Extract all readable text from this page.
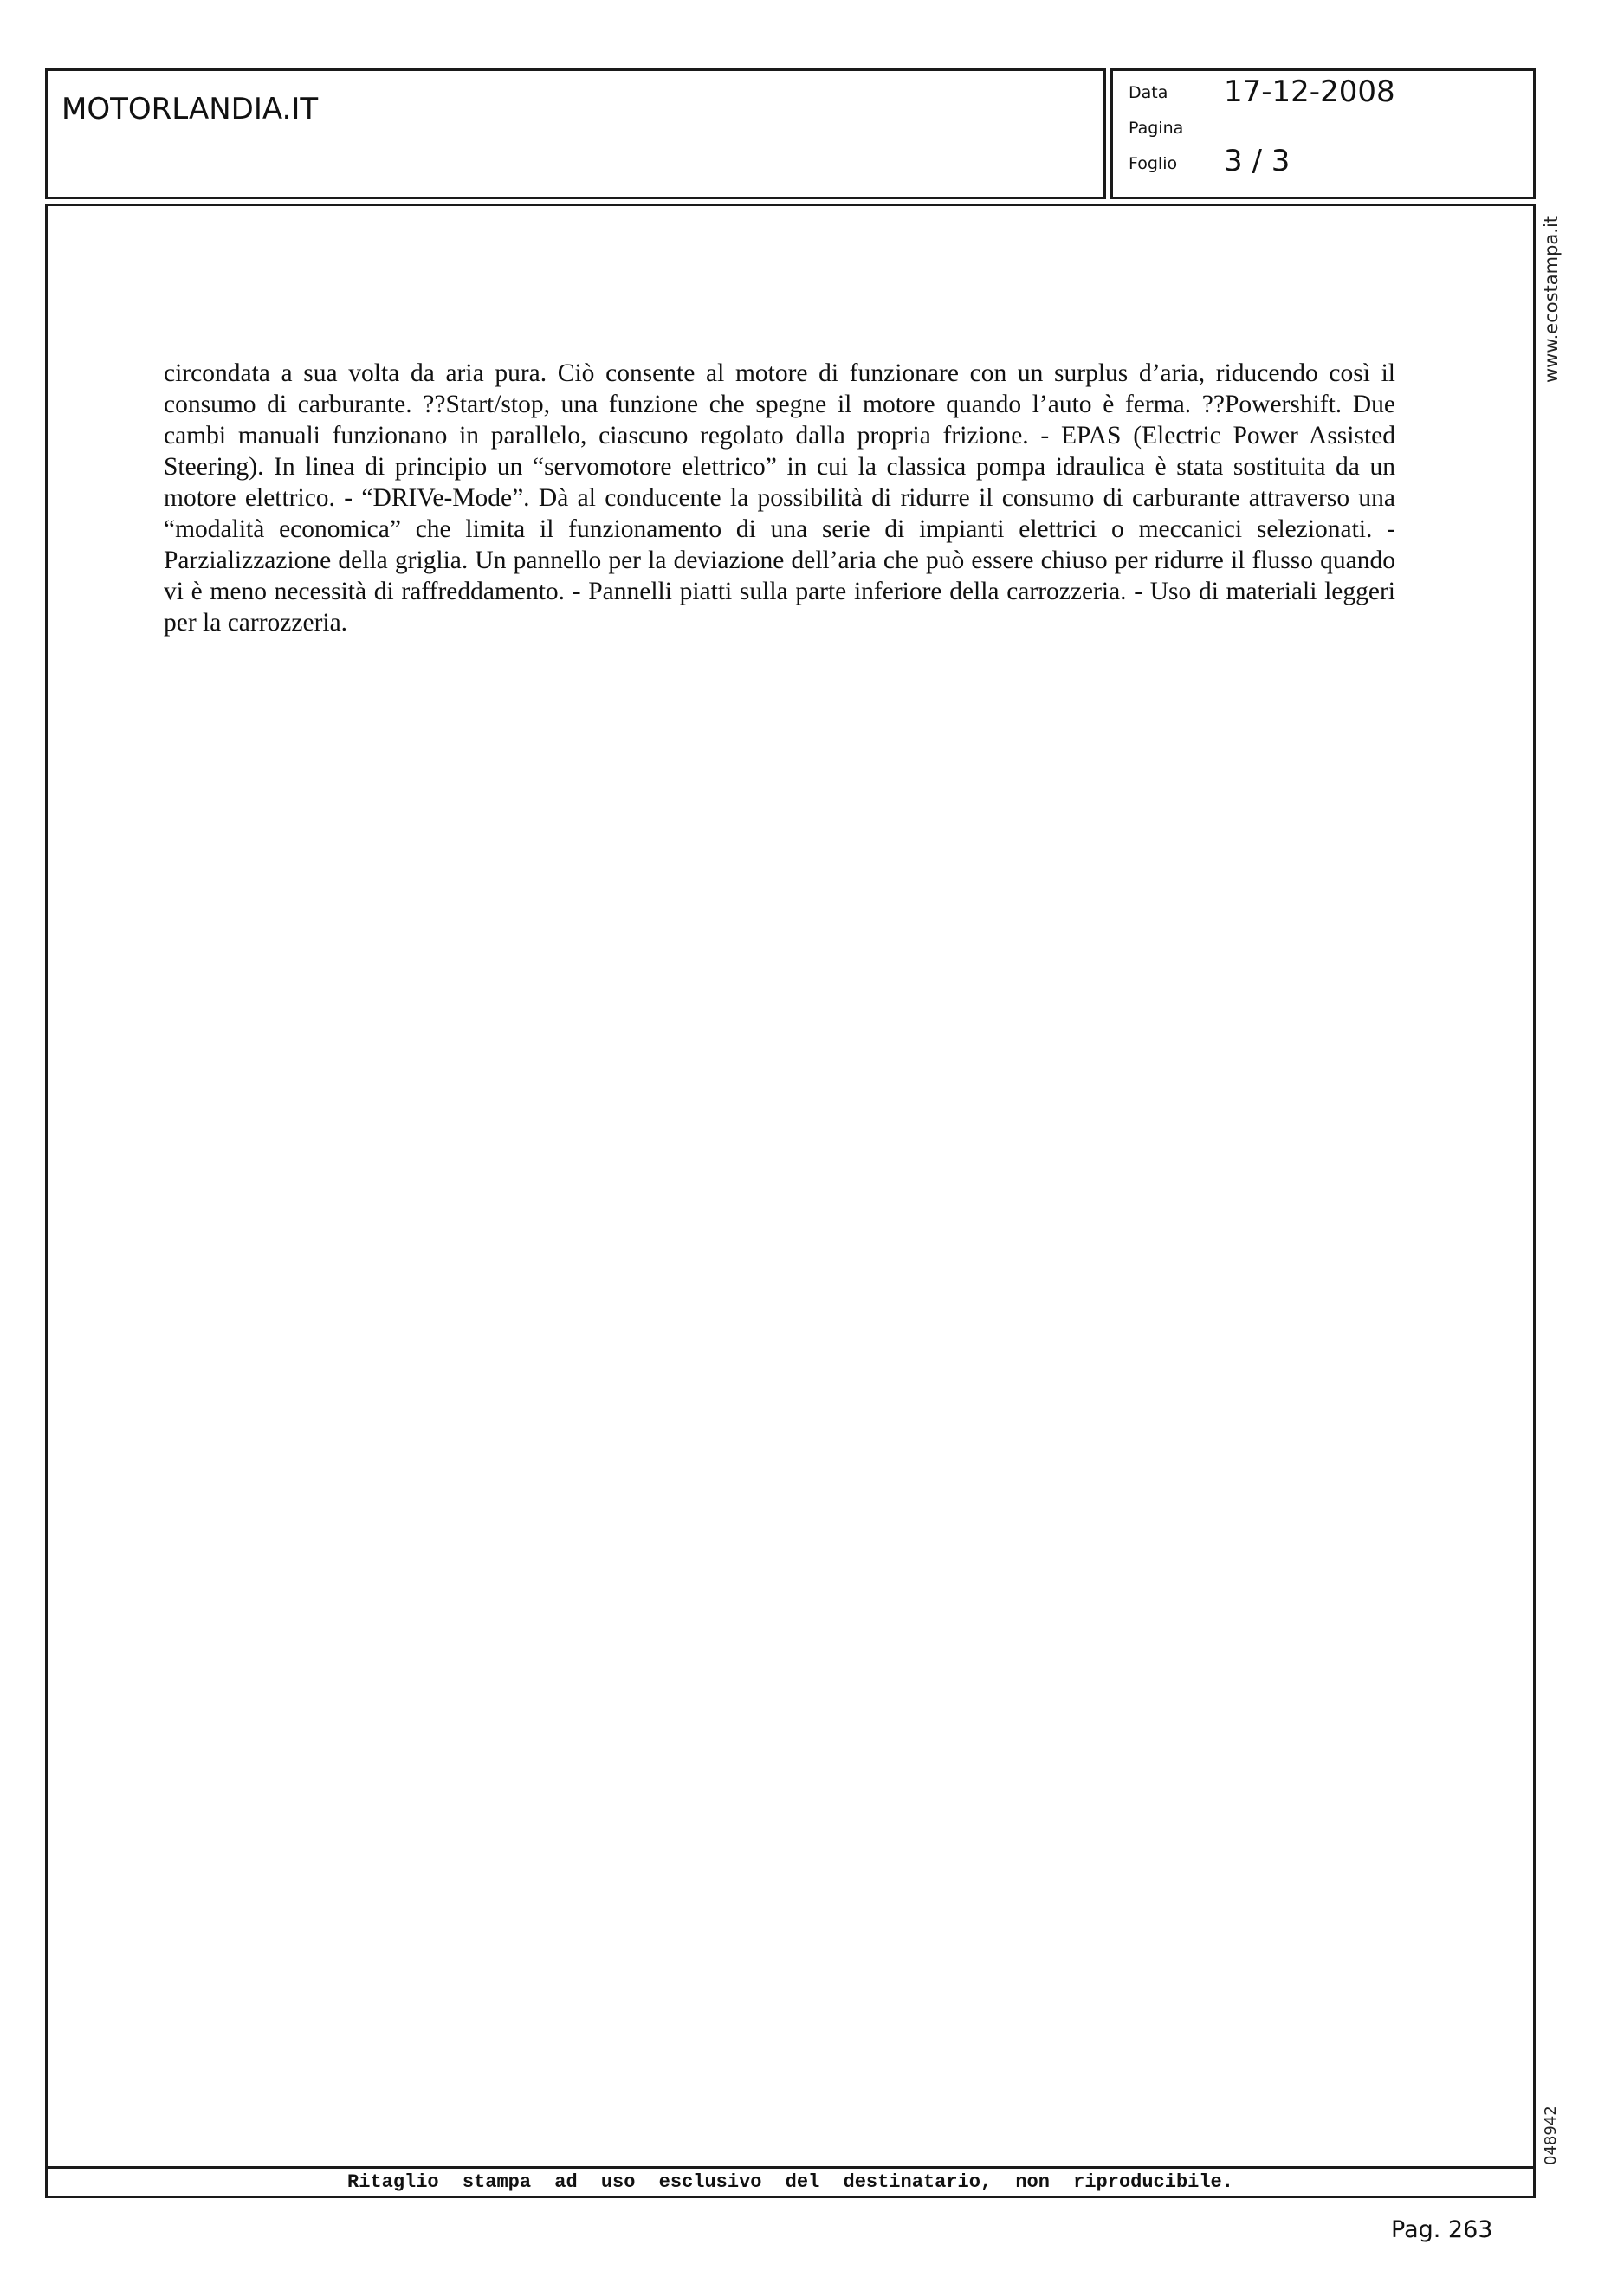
MOTORLANDIA.IT	Data
Pagina
Foglio
17-12-2008
3 / 3

circondata a sua volta da aria pura. Ciò consente al motore di funzionare con un surplus d’aria, riducendo così il consumo di carburante. ??Start/stop, una funzione che spegne il motore quando l’auto è ferma. ??Powershift. Due cambi manuali funzionano in parallelo, ciascuno regolato dalla propria frizione. - EPAS (Electric Power Assisted Steering). In linea di principio un “servomotore elettrico” in cui la classica pompa idraulica è stata sostituita da un motore elettrico. - “DRIVe-Mode”. Dà al conducente la possibilità di ridurre il consumo di carburante attraverso una “modalità economica” che limita il funzionamento di una serie di impianti elettrici o meccanici selezionati. - Parzializzazione della griglia. Un pannello per la deviazione dell’aria che può essere chiuso per ridurre il flusso quando vi è meno necessità di raffreddamento. - Pannelli piatti sulla parte inferiore della carrozzeria. - Uso di materiali leggeri per la carrozzeria.

Ritaglio stampa ad uso esclusivo del destinatario, non riproducibile.
www.ecostampa.it
048942
Pag. 263
